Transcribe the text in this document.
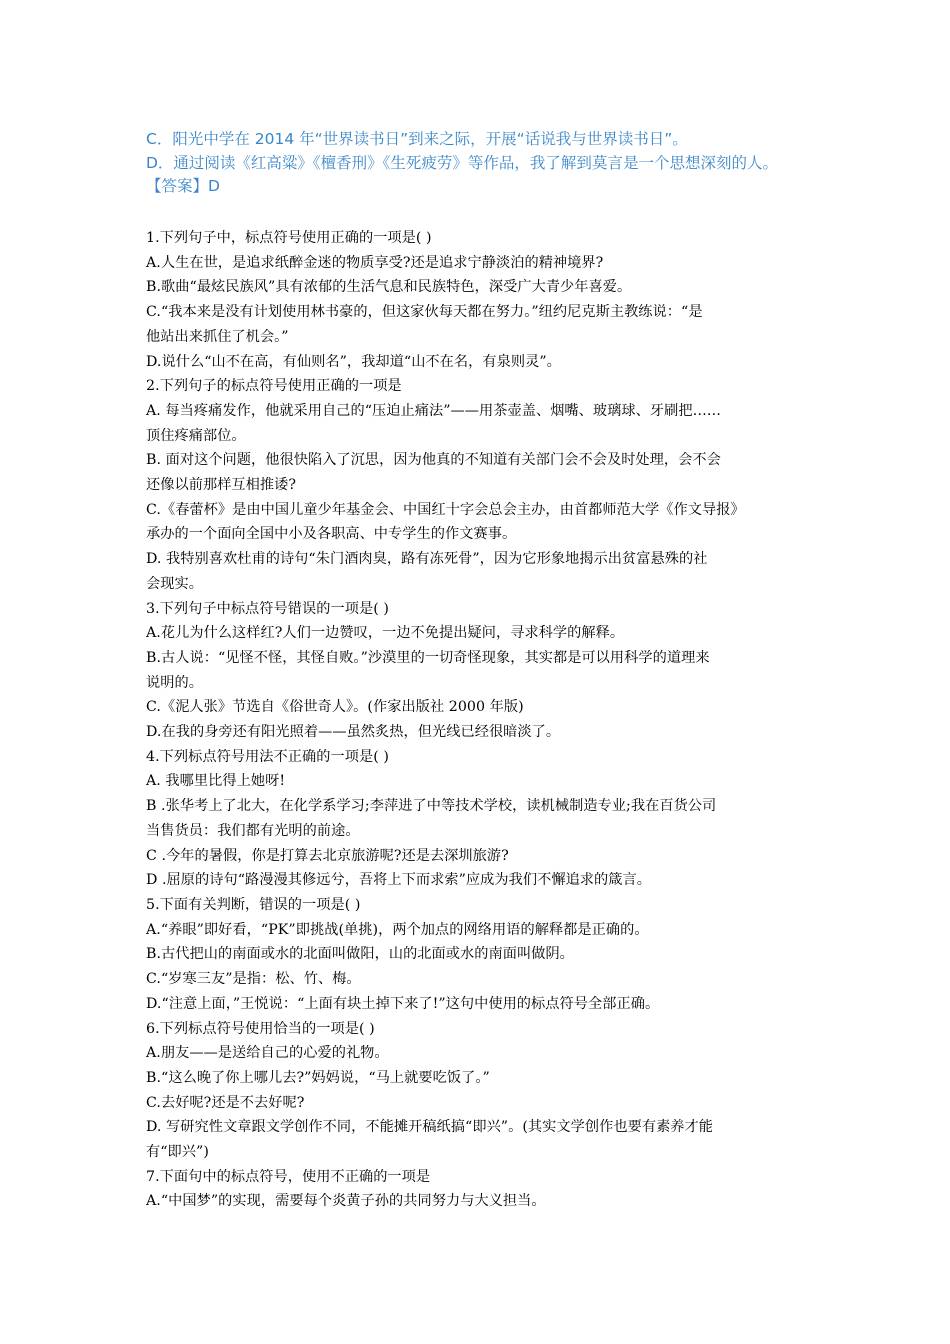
C．阳光中学在 2014 年“世界读书日”到来之际，开展“话说我与世界读书日”。
D．通过阅读《红高粱》《檀香刑》《生死疲劳》等作品，我了解到莫言是一个思想深刻的人。
【答案】D
1.下列句子中，标点符号使用正确的一项是( )
A.人生在世，是追求纸醉金迷的物质享受?还是追求宁静淡泊的精神境界?
B.歌曲“最炫民族风”具有浓郁的生活气息和民族特色，深受广大青少年喜爱。
C.“我本来是没有计划使用林书豪的，但这家伙每天都在努力。”纽约尼克斯主教练说：“是
他站出来抓住了机会。”
D.说什么“山不在高，有仙则名”，我却道“山不在名，有泉则灵”。
2.下列句子的标点符号使用正确的一项是
A. 每当疼痛发作，他就采用自己的“压迫止痛法”——用茶壶盖、烟嘴、玻璃球、牙刷把……
顶住疼痛部位。
B. 面对这个问题，他很快陷入了沉思，因为他真的不知道有关部门会不会及时处理，会不会
还像以前那样互相推诿?
C.《春蕾杯》是由中国儿童少年基金会、中国红十字会总会主办，由首都师范大学《作文导报》
承办的一个面向全国中小及各职高、中专学生的作文赛事。
D. 我特别喜欢杜甫的诗句“朱门酒肉臭，路有冻死骨”，因为它形象地揭示出贫富悬殊的社
会现实。
3.下列句子中标点符号错误的一项是( )
A.花儿为什么这样红?人们一边赞叹，一边不免提出疑问，寻求科学的解释。
B.古人说：“见怪不怪，其怪自败。”沙漠里的一切奇怪现象，其实都是可以用科学的道理来
说明的。
C.《泥人张》节选自《俗世奇人》。(作家出版社 2000 年版)
D.在我的身旁还有阳光照着——虽然炙热，但光线已经很暗淡了。
4.下列标点符号用法不正确的一项是( )
A. 我哪里比得上她呀!
B .张华考上了北大，在化学系学习;李萍进了中等技术学校，读机械制造专业;我在百货公司
当售货员：我们都有光明的前途。
C .今年的暑假，你是打算去北京旅游呢?还是去深圳旅游?
D .屈原的诗句“路漫漫其修远兮，吾将上下而求索”应成为我们不懈追求的箴言。
5.下面有关判断，错误的一项是( )
A.“养眼”即好看，“PK”即挑战(单挑)，两个加点的网络用语的解释都是正确的。
B.古代把山的南面或水的北面叫做阳，山的北面或水的南面叫做阴。
C.“岁寒三友”是指：松、竹、梅。
D.“注意上面，”王悦说：“上面有块土掉下来了!”这句中使用的标点符号全部正确。
6.下列标点符号使用恰当的一项是( )
A.朋友——是送给自己的心爱的礼物。
B.“这么晚了你上哪儿去?”妈妈说，“马上就要吃饭了。”
C.去好呢?还是不去好呢?
D. 写研究性文章跟文学创作不同，不能摊开稿纸搞“即兴”。(其实文学创作也要有素养才能
有“即兴”)
7.下面句中的标点符号，使用不正确的一项是
A.“中国梦”的实现，需要每个炎黄子孙的共同努力与大义担当。
